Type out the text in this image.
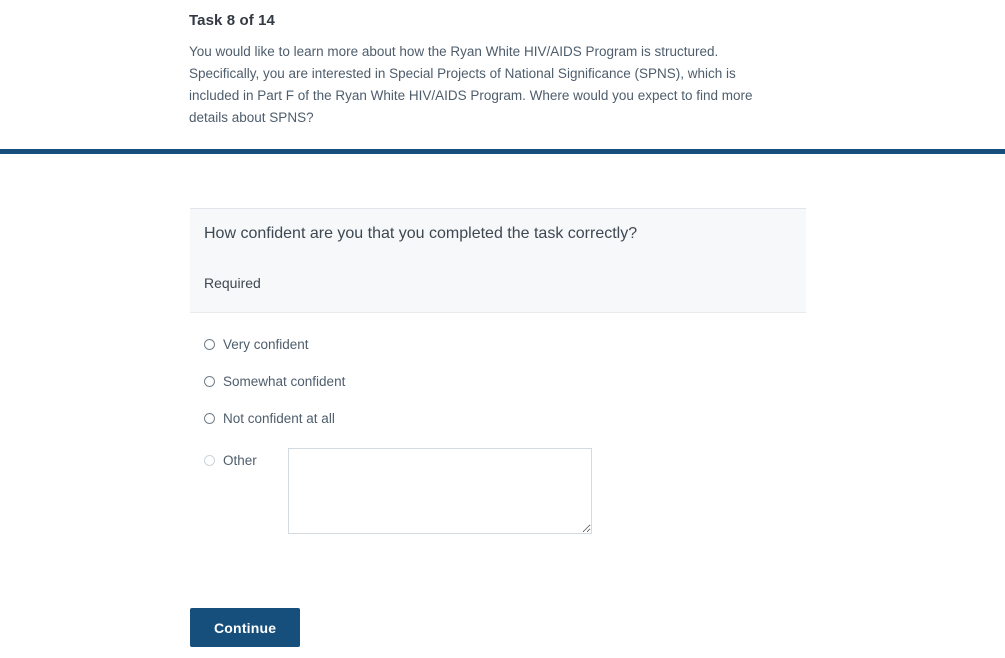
Task 8 of 14

You would like to learn more about how the Ryan White HIV/AIDS Program is structured. Specifically, you are interested in Special Projects of National Significance (SPNS), which is included in Part F of the Ryan White HIV/AIDS Program. Where would you expect to find more details about SPNS?

How confident are you that you completed the task correctly?
Required
Very confident
Somewhat confident
Not confident at all
Other
Continue
